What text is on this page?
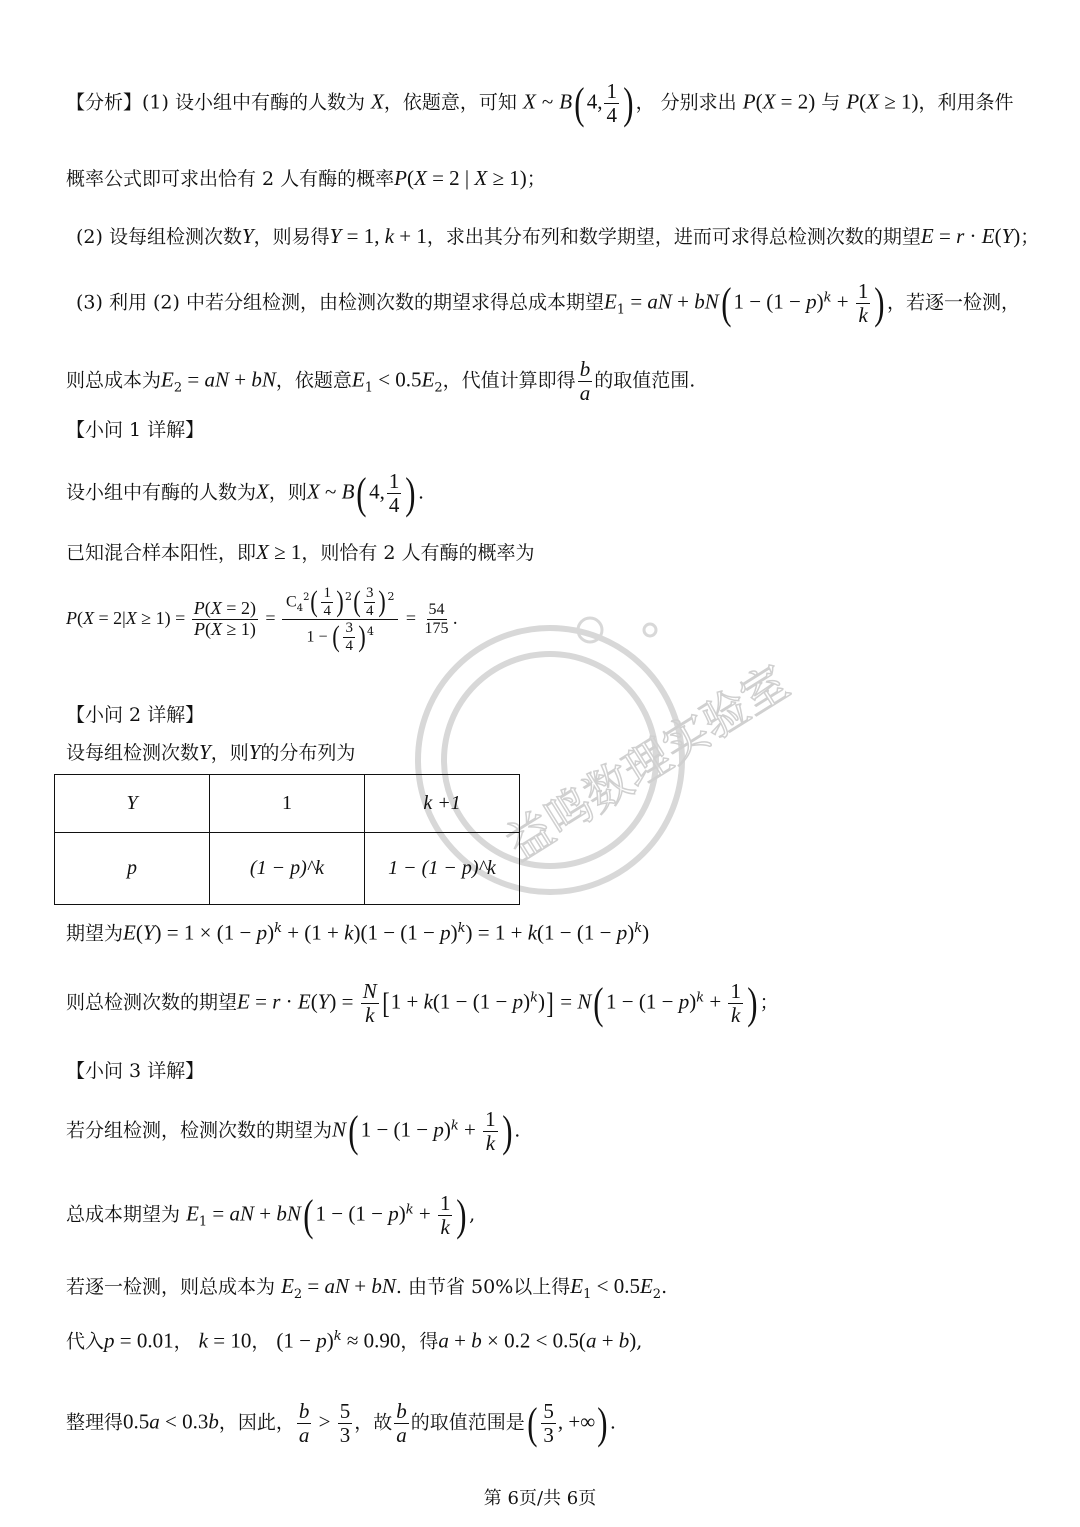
益鸣数理实验室
【分析】(1) 设小组中有酶的人数为 X，依题意，可知 X ~ B( 4, $\frac{1}{4}$ ) ， 分别求出 P(X = 2) 与 P(X ≥ 1)，利用条件
概率公式即可求出恰有 2 人有酶的概率P(X = 2 | X ≥ 1)；
(2) 设每组检测次数Y，则易得Y = 1, k + 1，求出其分布列和数学期望，进而可求得总检测次数的期望E = r · E(Y)；
(3) 利用 (2) 中若分组检测，由检测次数的期望求得总成本期望$E_1$ = aN + bN( $1 - (1 - p)^k + \frac{1}{k}$ ) ，若逐一检测，
则总成本为$E_2$ = aN + bN，依题意$E_1 < 0.5E_2$，代值计算即得 $\frac{b}{a}$ 的取值范围.
【小问 1 详解】
设小组中有酶的人数为X，则X ~ B( 4, $\frac{1}{4}$ ) .
已知混合样本阳性，即X ≥ 1，则恰有 2 人有酶的概率为
$P(X = 2|X \ge 1) = \frac{P(X = 2)}{P(X \ge 1)} = \frac{C_4^2( \frac{1}{4} )^2( \frac{3}{4} )^2}{1 - ( \frac{3}{4} )^4} = \frac{54}{175}$ .
【小问 2 详解】
设每组检测次数Y，则Y的分布列为
Y	1	k +1
p	(1 − p)^k	1 − (1 − p)^k
期望为$E(Y) = 1 \times (1 - p)^k + (1 + k)(1 - (1 - p)^k) = 1 + k(1 - (1 - p)^k)$
则总检测次数的期望$E = r \cdot E(Y) = \frac{N}{k} [1 + k(1 - (1 - p)^k)] = N$( $1 - (1 - p)^k + \frac{1}{k}$ ) ；
【小问 3 详解】
若分组检测，检测次数的期望为N( $1 - (1 - p)^k + \frac{1}{k}$ ) .
总成本期望为 $E_1$ = aN + bN( $1 - (1 - p)^k + \frac{1}{k}$ ) ,
若逐一检测，则总成本为 $E_2$ = aN + bN. 由节省 50%以上得$E_1 < 0.5E_2$.
代入p = 0.01， k = 10， $(1 - p)^k \approx 0.90$，得a + b × 0.2 < 0.5(a + b),
整理得0.5a < 0.3b，因此， $\frac{b}{a} > \frac{5}{3}$ ，故 $\frac{b}{a}$ 的取值范围是( $\frac{5}{3}$ , +∞) .
第 6页/共 6页
